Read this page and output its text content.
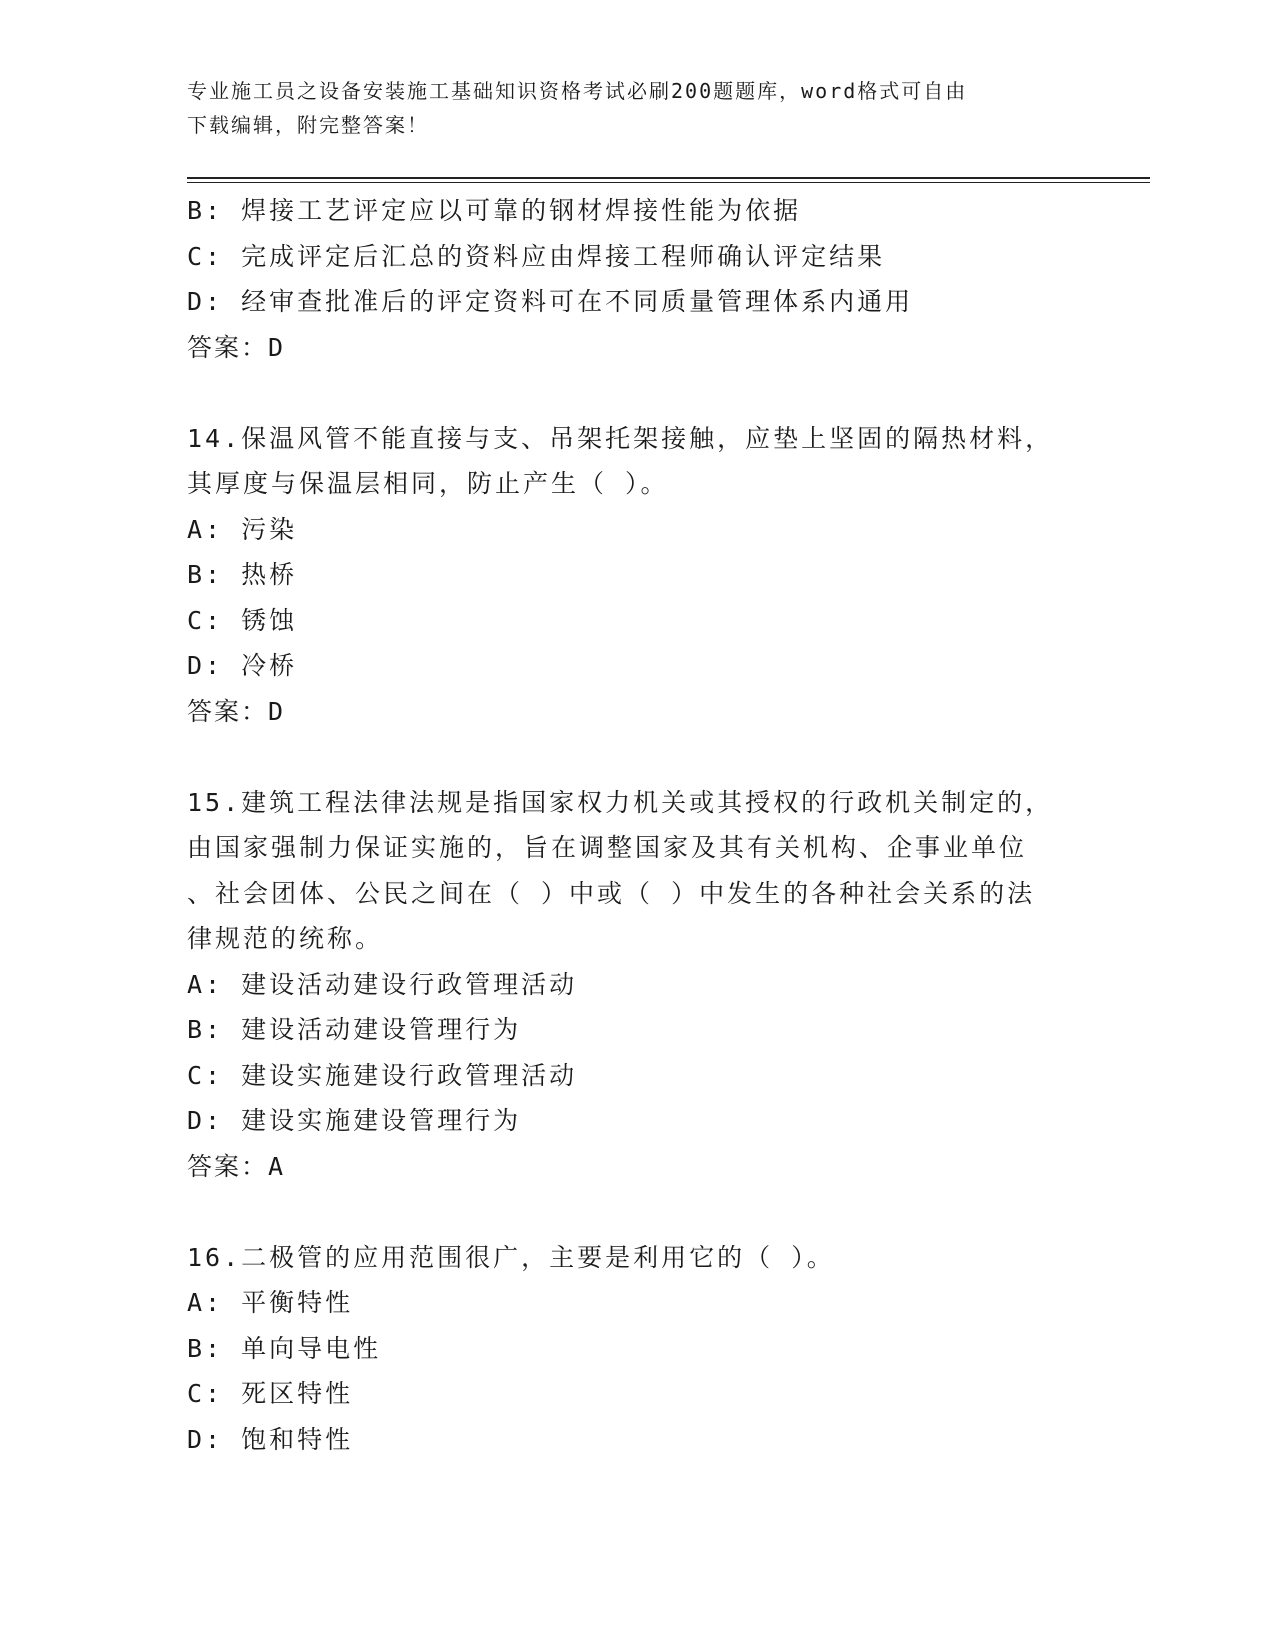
专业施工员之设备安装施工基础知识资格考试必刷200题题库，word格式可自由
下载编辑，附完整答案！
B: 焊接工艺评定应以可靠的钢材焊接性能为依据
C: 完成评定后汇总的资料应由焊接工程师确认评定结果
D: 经审查批准后的评定资料可在不同质量管理体系内通用
答案：D
14.保温风管不能直接与支、吊架托架接触，应垫上坚固的隔热材料，
其厚度与保温层相同，防止产生（ ）。
A: 污染
B: 热桥
C: 锈蚀
D: 冷桥
答案：D
15.建筑工程法律法规是指国家权力机关或其授权的行政机关制定的，
由国家强制力保证实施的，旨在调整国家及其有关机构、企事业单位
、社会团体、公民之间在（ ）中或（ ）中发生的各种社会关系的法
律规范的统称。
A: 建设活动建设行政管理活动
B: 建设活动建设管理行为
C: 建设实施建设行政管理活动
D: 建设实施建设管理行为
答案：A
16.二极管的应用范围很广，主要是利用它的（ ）。
A: 平衡特性
B: 单向导电性
C: 死区特性
D: 饱和特性
